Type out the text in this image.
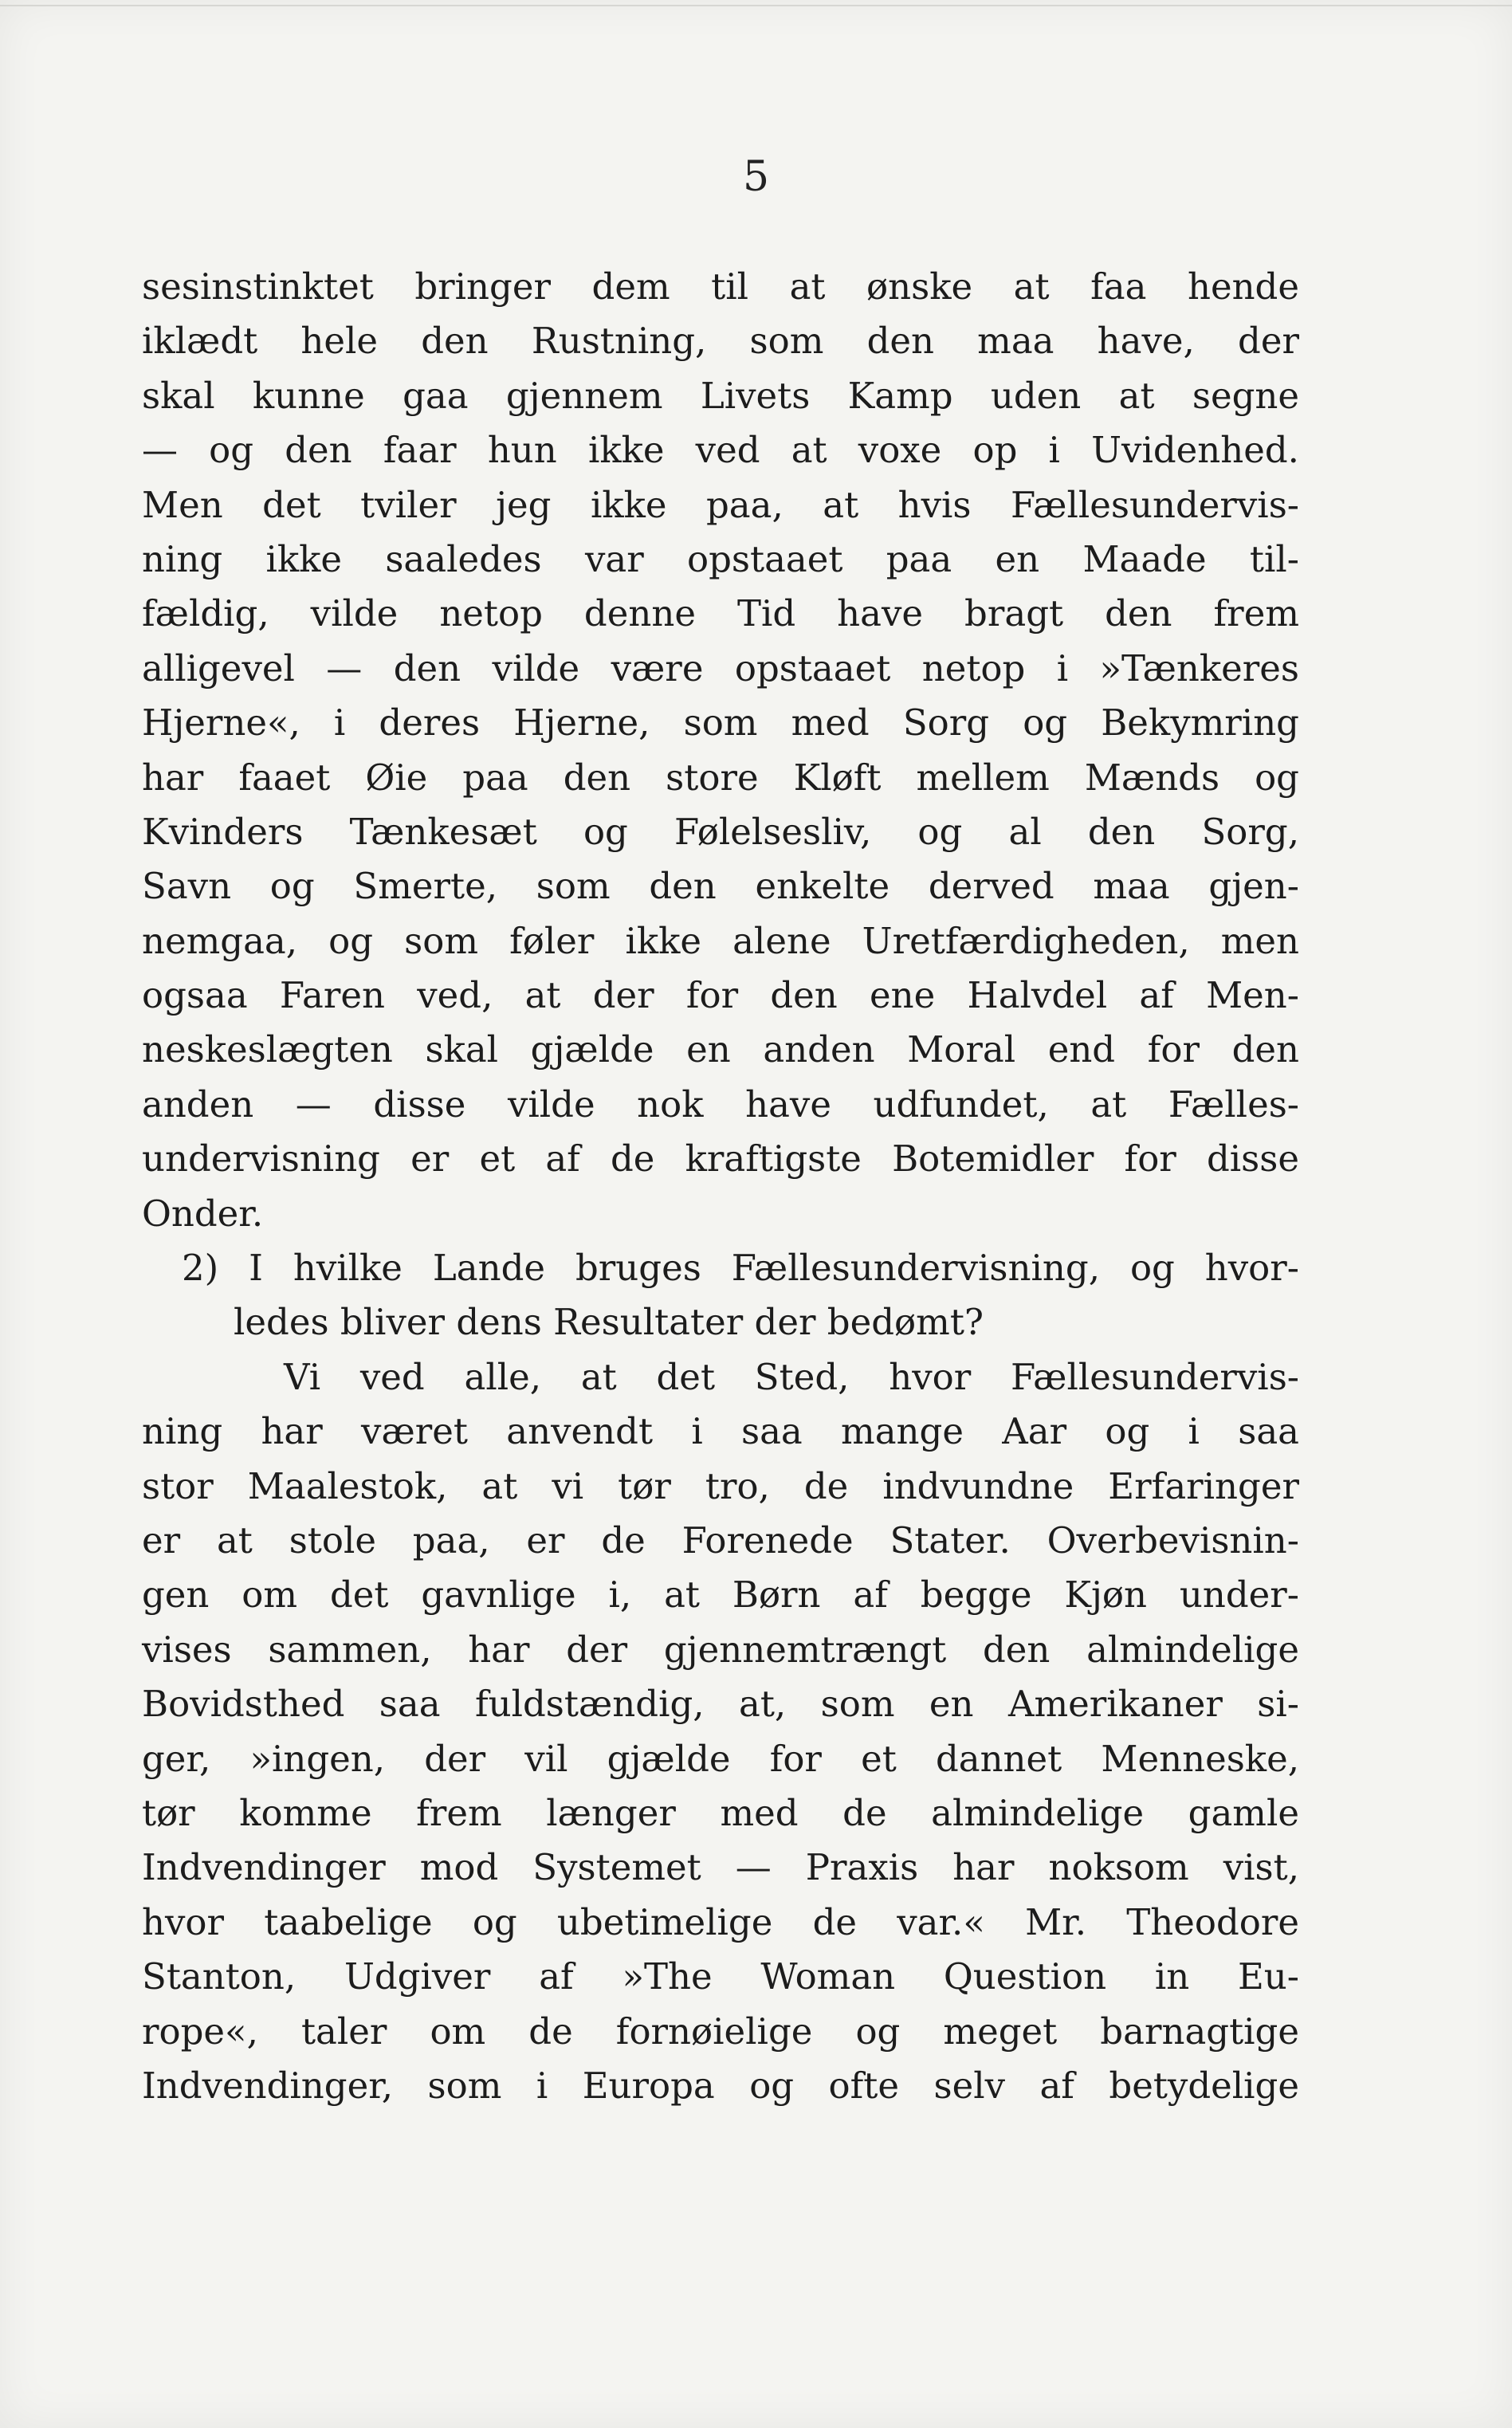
5
sesinstinktet bringer dem til at ønske at faa hende
iklædt hele den Rustning, som den maa have, der
skal kunne gaa gjennem Livets Kamp uden at segne
— og den faar hun ikke ved at voxe op i Uvidenhed.
Men det tviler jeg ikke paa, at hvis Fællesundervis-
ning ikke saaledes var opstaaet paa en Maade til-
fældig, vilde netop denne Tid have bragt den frem
alligevel — den vilde være opstaaet netop i »Tænkeres
Hjerne«, i deres Hjerne, som med Sorg og Bekymring
har faaet Øie paa den store Kløft mellem Mænds og
Kvinders Tænkesæt og Følelsesliv, og al den Sorg,
Savn og Smerte, som den enkelte derved maa gjen-
nemgaa, og som føler ikke alene Uretfærdigheden, men
ogsaa Faren ved, at der for den ene Halvdel af Men-
neskeslægten skal gjælde en anden Moral end for den
anden — disse vilde nok have udfundet, at Fælles-
undervisning er et af de kraftigste Botemidler for disse
Onder.
2) I hvilke Lande bruges Fællesundervisning, og hvor-
ledes bliver dens Resultater der bedømt?
Vi ved alle, at det Sted, hvor Fællesundervis-
ning har været anvendt i saa mange Aar og i saa
stor Maalestok, at vi tør tro, de indvundne Erfaringer
er at stole paa, er de Forenede Stater. Overbevisnin-
gen om det gavnlige i, at Børn af begge Kjøn under-
vises sammen, har der gjennemtrængt den almindelige
Bovidsthed saa fuldstændig, at, som en Amerikaner si-
ger, »ingen, der vil gjælde for et dannet Menneske,
tør komme frem længer med de almindelige gamle
Indvendinger mod Systemet — Praxis har noksom vist,
hvor taabelige og ubetimelige de var.« Mr. Theodore
Stanton, Udgiver af »The Woman Question in Eu-
rope«, taler om de fornøielige og meget barnagtige
Indvendinger, som i Europa og ofte selv af betydelige
